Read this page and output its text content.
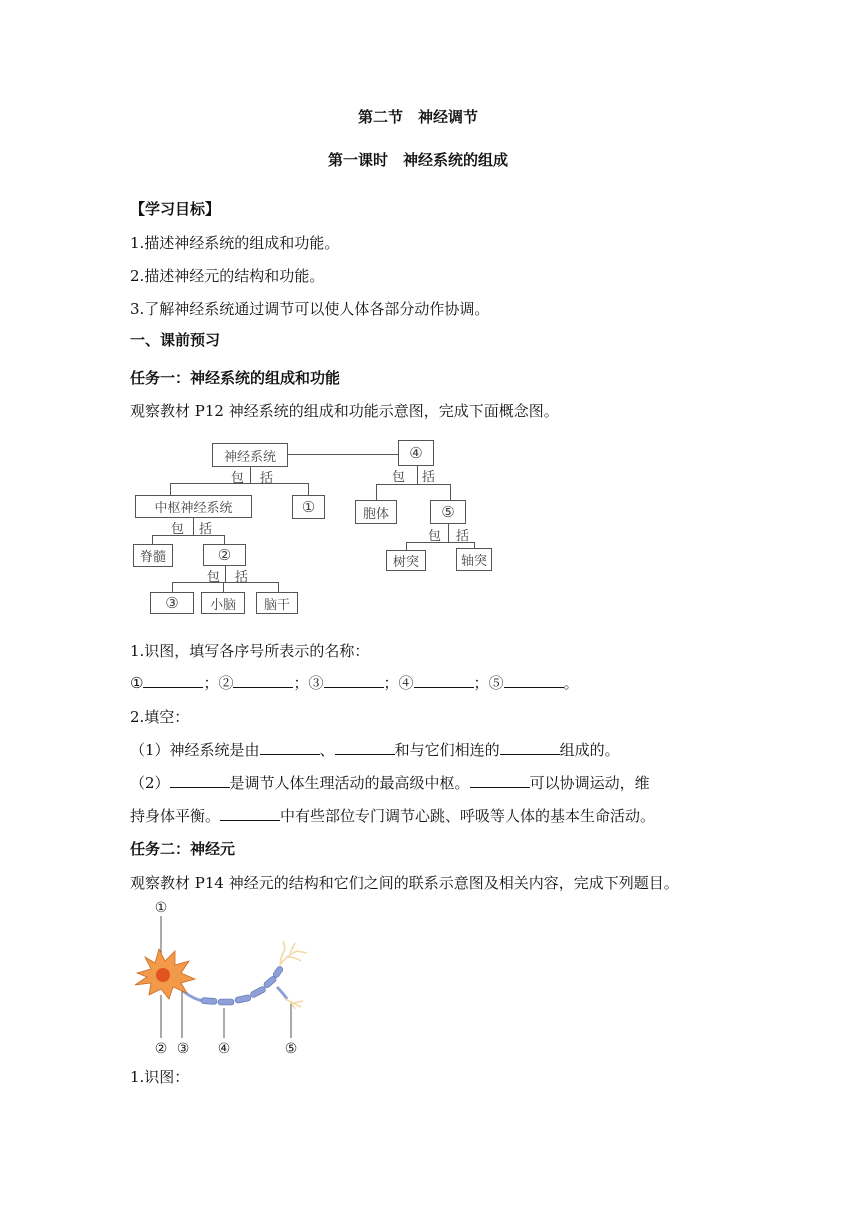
第二节　神经调节
第一课时　神经系统的组成
【学习目标】
1.描述神经系统的组成和功能。
2.描述神经元的结构和功能。
3.了解神经系统通过调节可以使人体各部分动作协调。
一、课前预习
任务一：神经系统的组成和功能
观察教材 P12 神经系统的组成和功能示意图，完成下面概念图。
神经系统	④
中枢神经系统	①	胞体	⑤
脊髓	②	树突	轴突
③	小脑	脑干
包 括	包 括
包 括	包 括
包 括
1.识图，填写各序号所表示的名称：
①	；②	；③	；④	；⑤	。
2.填空：
（1）神经系统是由	、	和与它们相连的	组成的。
（2）	是调节人体生理活动的最高级中枢。	可以协调运动，维
持身体平衡。	中有些部位专门调节心跳、呼吸等人体的基本生命活动。
任务二：神经元
观察教材 P14 神经元的结构和它们之间的联系示意图及相关内容，完成下列题目。
①
② ③ ④	⑤
1.识图：
